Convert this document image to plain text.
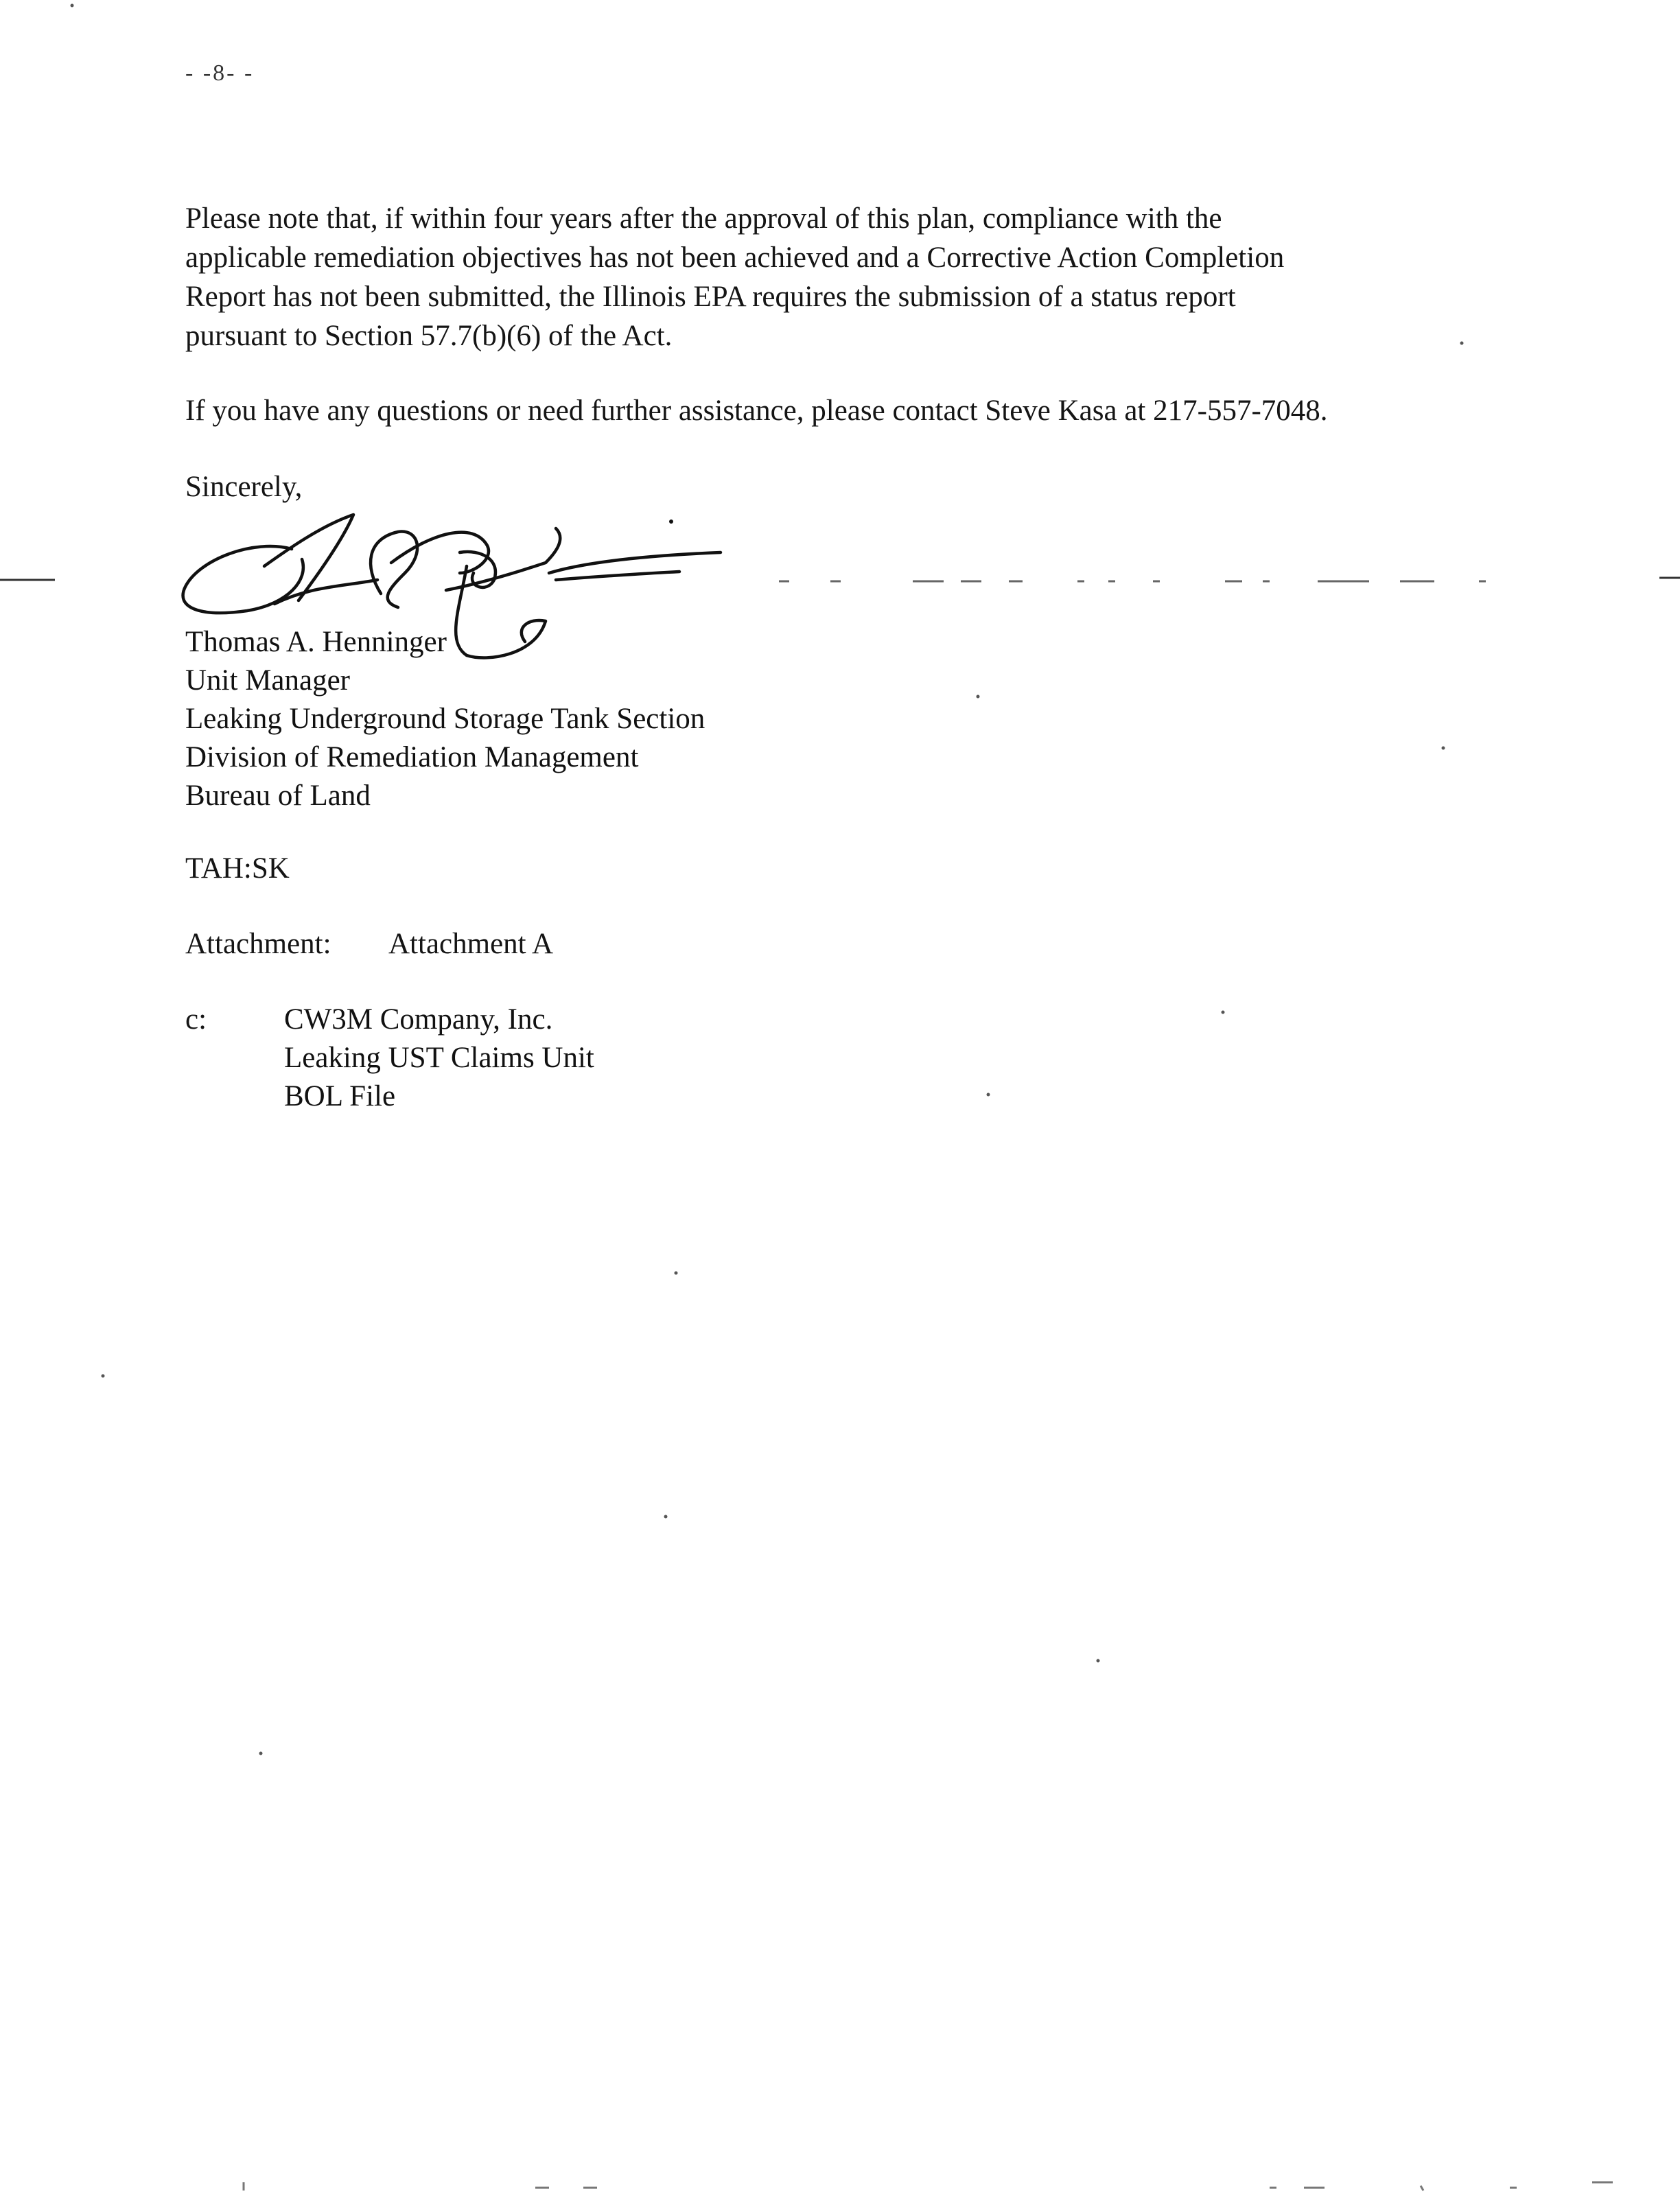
- -8- -
Please note that, if within four years after the approval of this plan, compliance with the
applicable remediation objectives has not been achieved and a Corrective Action Completion
Report has not been submitted, the Illinois EPA requires the submission of a status report
pursuant to Section 57.7(b)(6) of the Act.
If you have any questions or need further assistance, please contact Steve Kasa at 217-557-7048.
Sincerely,
Thomas A. Henninger
Unit Manager
Leaking Underground Storage Tank Section
Division of Remediation Management
Bureau of Land
TAH:SK
Attachment: Attachment A
c:	CW3M Company, Inc.
Leaking UST Claims Unit
BOL File
